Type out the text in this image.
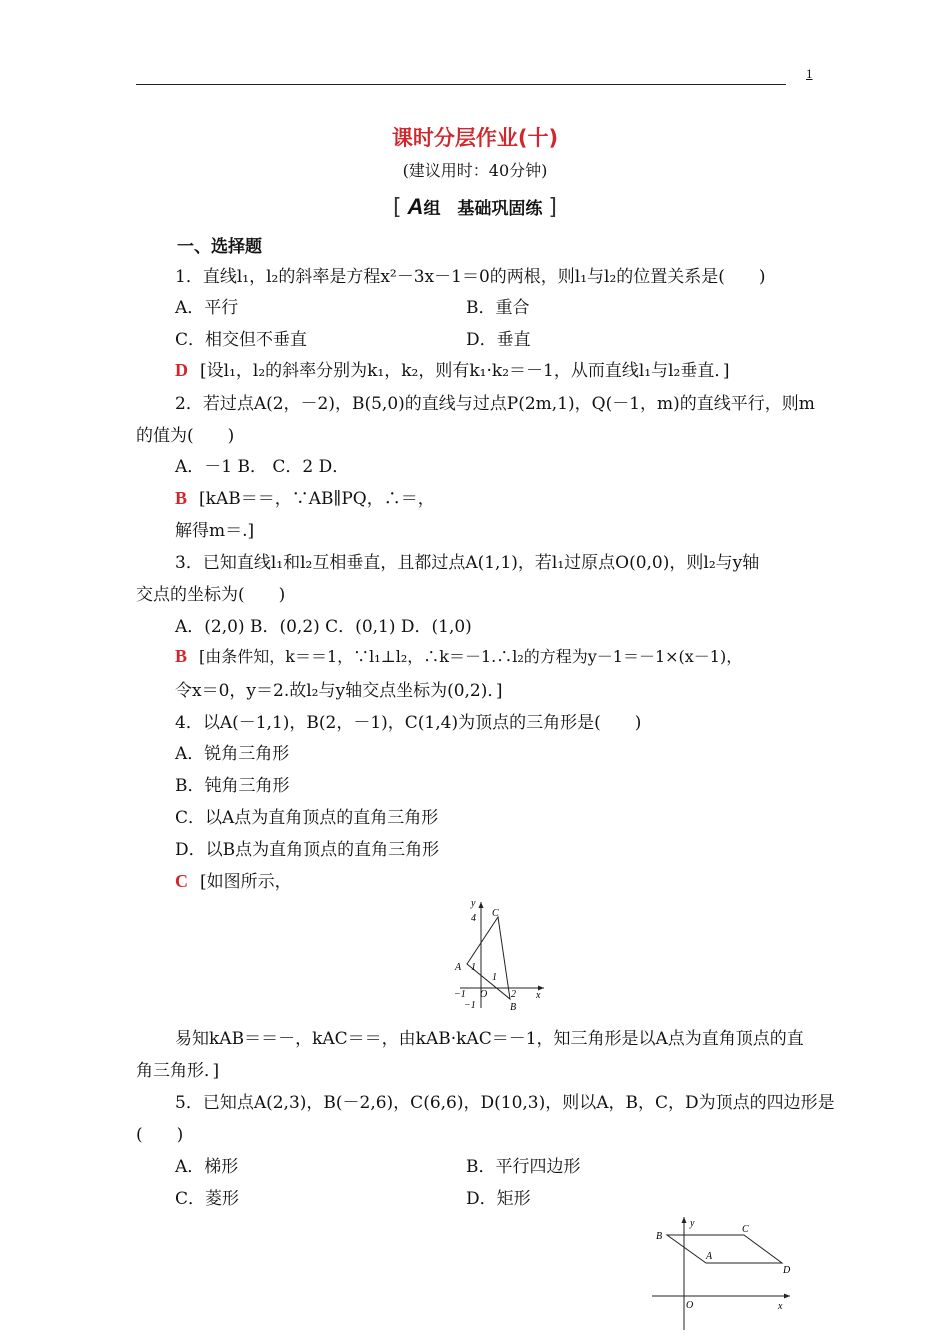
1
课时分层作业(十)
(建议用时：40分钟)
[ A组　基础巩固练 ]
一、选择题
1．直线l₁，l₂的斜率是方程x²－3x－1＝0的两根，则l₁与l₂的位置关系是(　　)
A．平行	B．重合
C．相交但不垂直	D．垂直
D [设l₁，l₂的斜率分别为k₁，k₂，则有k₁·k₂＝－1，从而直线l₁与l₂垂直．]
2．若过点A(2，－2)，B(5,0)的直线与过点P(2m,1)，Q(－1，m)的直线平行，则m
的值为(　　)
A．－1 B． C．2 D．
B [kAB＝＝，∵AB∥PQ，∴＝，
解得m＝.]
3．已知直线l₁和l₂互相垂直，且都过点A(1,1)，若l₁过原点O(0,0)，则l₂与y轴
交点的坐标为(　　)
A．(2,0) B．(0,2) C．(0,1) D．(1,0)
B [由条件知，k＝＝1，∵l₁⊥l₂，∴k＝－1.∴l₂的方程为y－1＝－1×(x－1)，
令x＝0，y＝2.故l₂与y轴交点坐标为(0,2)．]
4．以A(－1,1)，B(2，－1)，C(1,4)为顶点的三角形是(　　)
A．锐角三角形
B．钝角三角形
C．以A点为直角顶点的直角三角形
D．以B点为直角顶点的直角三角形
C [如图所示，
y
x
C
A
B
O
4
1
1
−1
−1
2
易知kAB＝＝－，kAC＝＝，由kAB·kAC＝－1，知三角形是以A点为直角顶点的直
角三角形．]
5．已知点A(2,3)，B(－2,6)，C(6,6)，D(10,3)，则以A，B，C，D为顶点的四边形是
(　　)
A．梯形	B．平行四边形
C．菱形	D．矩形
y
x
B
C
A
D
O
